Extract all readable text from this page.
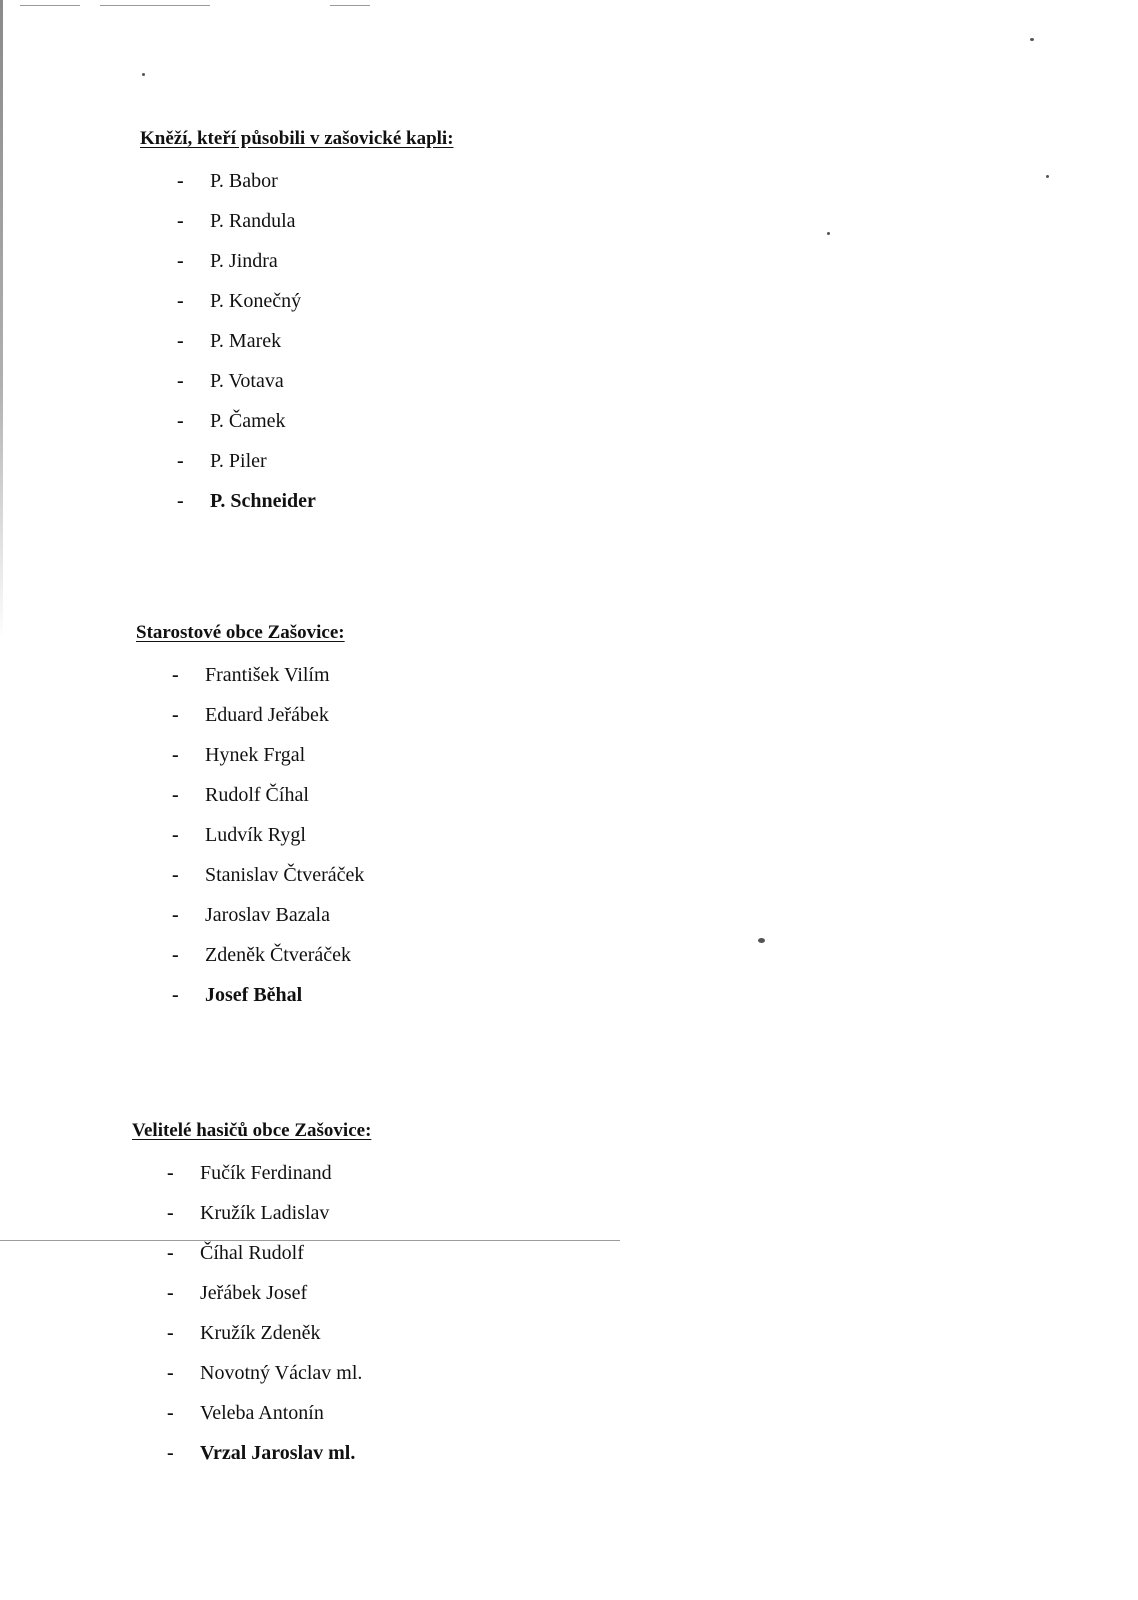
Kněží, kteří působili v zašovické kapli:
-	P. Babor
-	P. Randula
-	P. Jindra
-	P. Konečný
-	P. Marek
-	P. Votava
-	P. Čamek
-	P. Piler
-	P. Schneider
Starostové obce Zašovice:
-	František Vilím
-	Eduard Jeřábek
-	Hynek Frgal
-	Rudolf Číhal
-	Ludvík Rygl
-	Stanislav Čtveráček
-	Jaroslav Bazala
-	Zdeněk Čtveráček
-	Josef Běhal
Velitelé hasičů obce Zašovice:
-	Fučík Ferdinand
-	Kružík Ladislav
-	Číhal Rudolf
-	Jeřábek Josef
-	Kružík Zdeněk
-	Novotný Václav ml.
-	Veleba Antonín
-	Vrzal Jaroslav ml.
